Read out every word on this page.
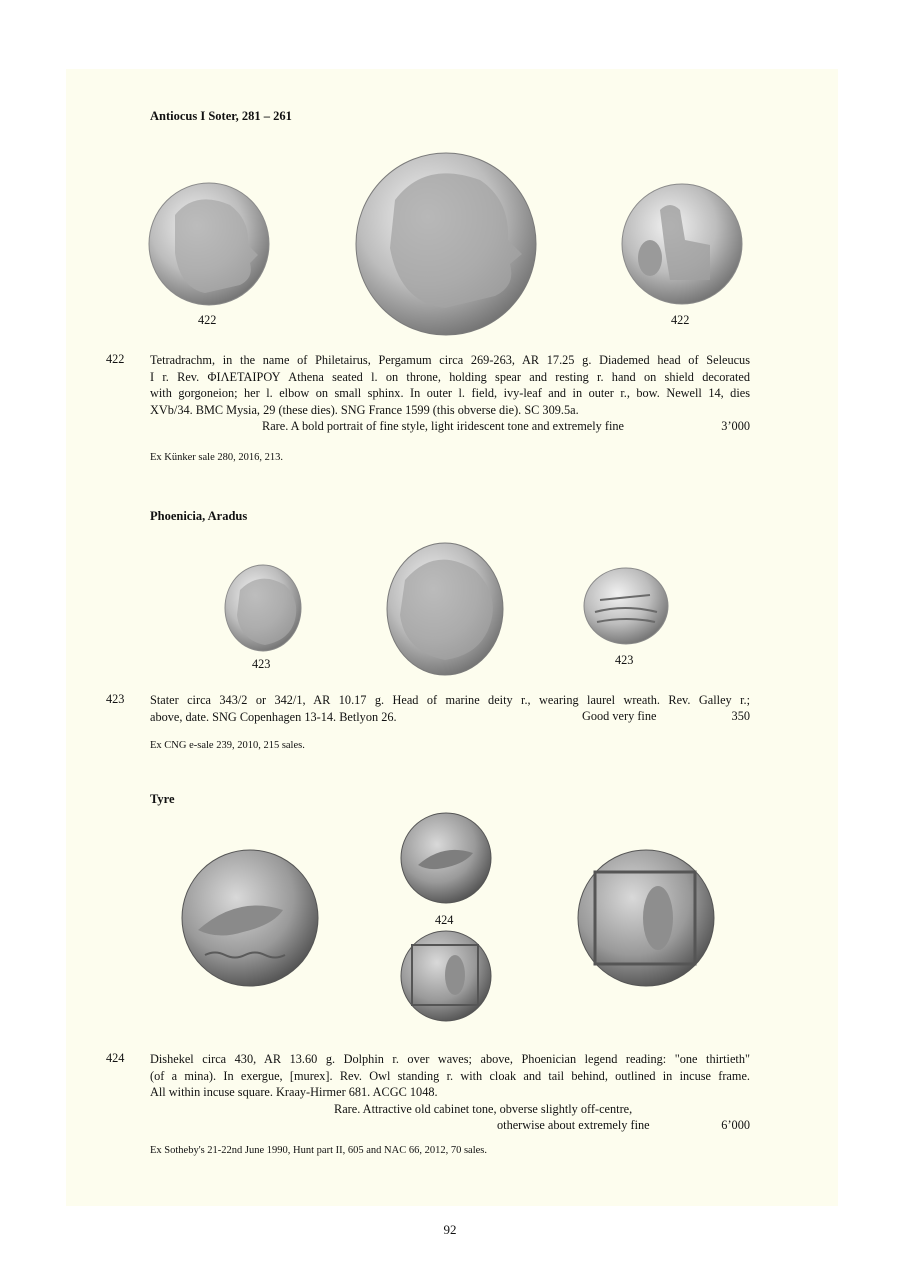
Antiocus I Soter, 281 – 261
422	422
422 Tetradrachm, in the name of Philetairus, Pergamum circa 269-263, AR 17.25 g. Diademed head of Seleucus
I r. Rev. ΦΙΛΕΤΑΙΡΟΥ Athena seated l. on throne, holding spear and resting r. hand on shield decorated
with gorgoneion; her l. elbow on small sphinx. In outer l. field, ivy-leaf and in outer r., bow. Newell 14, dies
XVb/34. BMC Mysia, 29 (these dies). SNG France 1599 (this obverse die). SC 309.5a.
Rare. A bold portrait of fine style, light iridescent tone and extremely fine	3’000
Ex Künker sale 280, 2016, 213.
Phoenicia, Aradus
423	423
423 Stater circa 343/2 or 342/1, AR 10.17 g. Head of marine deity r., wearing laurel wreath. Rev. Galley r.;
above, date. SNG Copenhagen 13-14. Betlyon 26.	Good very fine	350
Ex CNG e-sale 239, 2010, 215 sales.
Tyre
424
424 Dishekel circa 430, AR 13.60 g. Dolphin r. over waves; above, Phoenician legend reading: "one thirtieth"
(of a mina). In exergue, [murex]. Rev. Owl standing r. with cloak and tail behind, outlined in incuse frame.
All within incuse square. Kraay-Hirmer 681. ACGC 1048.
Rare. Attractive old cabinet tone, obverse slightly off-centre,
otherwise about extremely fine	6’000
Ex Sotheby's 21-22nd June 1990, Hunt part II, 605 and NAC 66, 2012, 70 sales.
92
